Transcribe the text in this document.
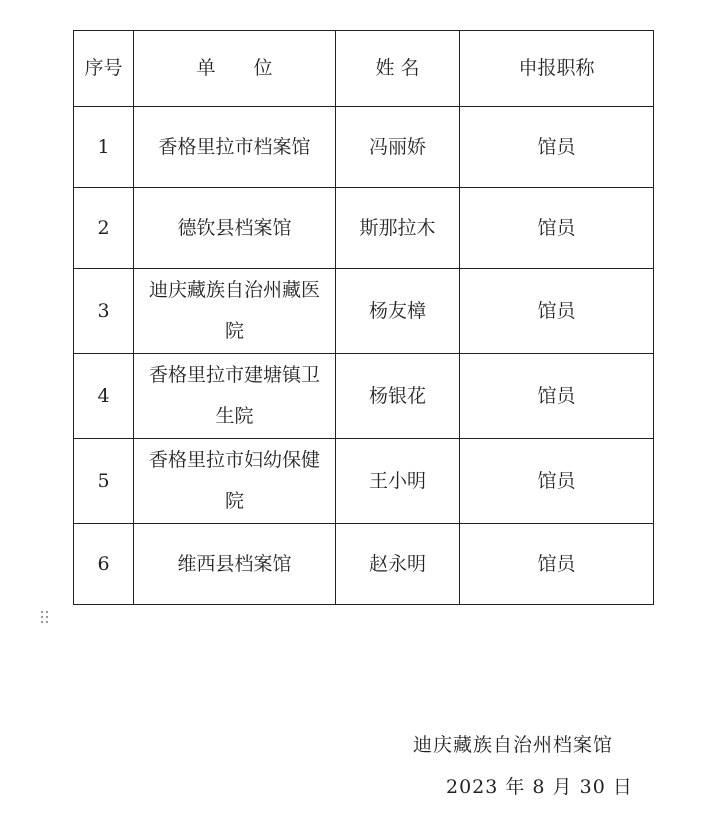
序号	单　　位	姓 名	申报职称
1	香格里拉市档案馆	冯丽娇	馆员
2	德钦县档案馆	斯那拉木	馆员
3	迪庆藏族自治州藏医院	杨友樟	馆员
4	香格里拉市建塘镇卫生院	杨银花	馆员
5	香格里拉市妇幼保健院	王小明	馆员
6	维西县档案馆	赵永明	馆员
迪庆藏族自治州档案馆
2023 年 8 月 30 日
